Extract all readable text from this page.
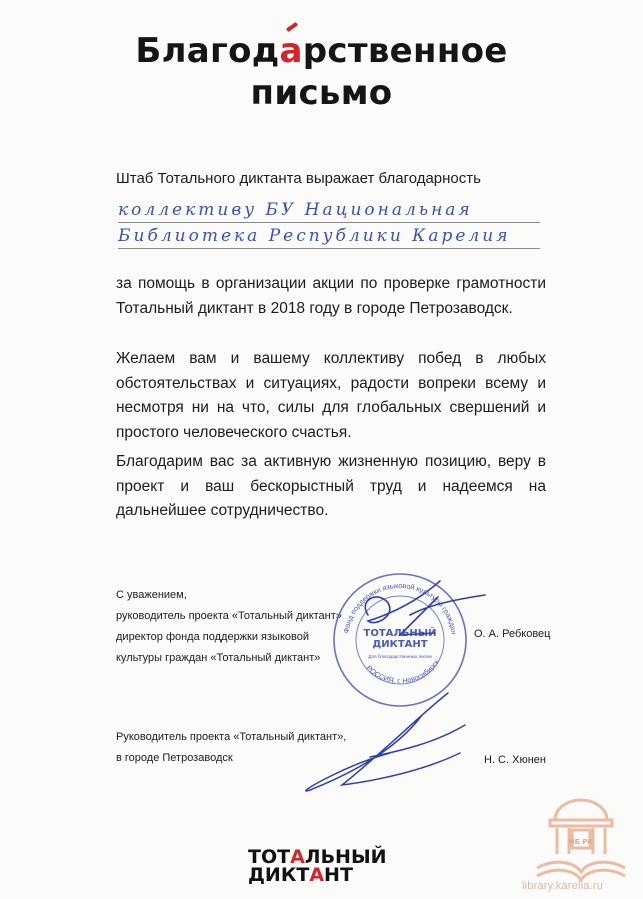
Благодарственное
письмо
Штаб Тотального диктанта выражает благодарность
коллективу БУ Национальная
Библиотека Республики Карелия

за помощь в организации акции по проверке грамотности Тотальный диктант в 2018 году в городе Петрозаводск.

Желаем вам и вашему коллективу побед в любых обстоятельствах и ситуациях, радости вопреки всему и несмотря ни на что, силы для глобальных свершений и простого человеческого счастья.

Благодарим вас за активную жизненную позицию, веру в проект и ваш бескорыстный труд и надеемся на дальнейшее сотрудничество.

С уважением,
руководитель проекта «Тотальный диктант»
директор фонда поддержки языковой
культуры граждан «Тотальный диктант»
О. А. Ребковец
Руководитель проекта «Тотальный диктант»,
в городе Петрозаводск	Н. С. Хюнен
Фонд поддержки языковой культуры граждан
РОССИЯ, г. Новосибирск
ТОТАЛЬНЫЙ
ДИКТАНТ
Для благодарственных писем
ТОТАЛЬНЫЙ
ДИКТАНТ
НБ РК
library.karelia.ru
